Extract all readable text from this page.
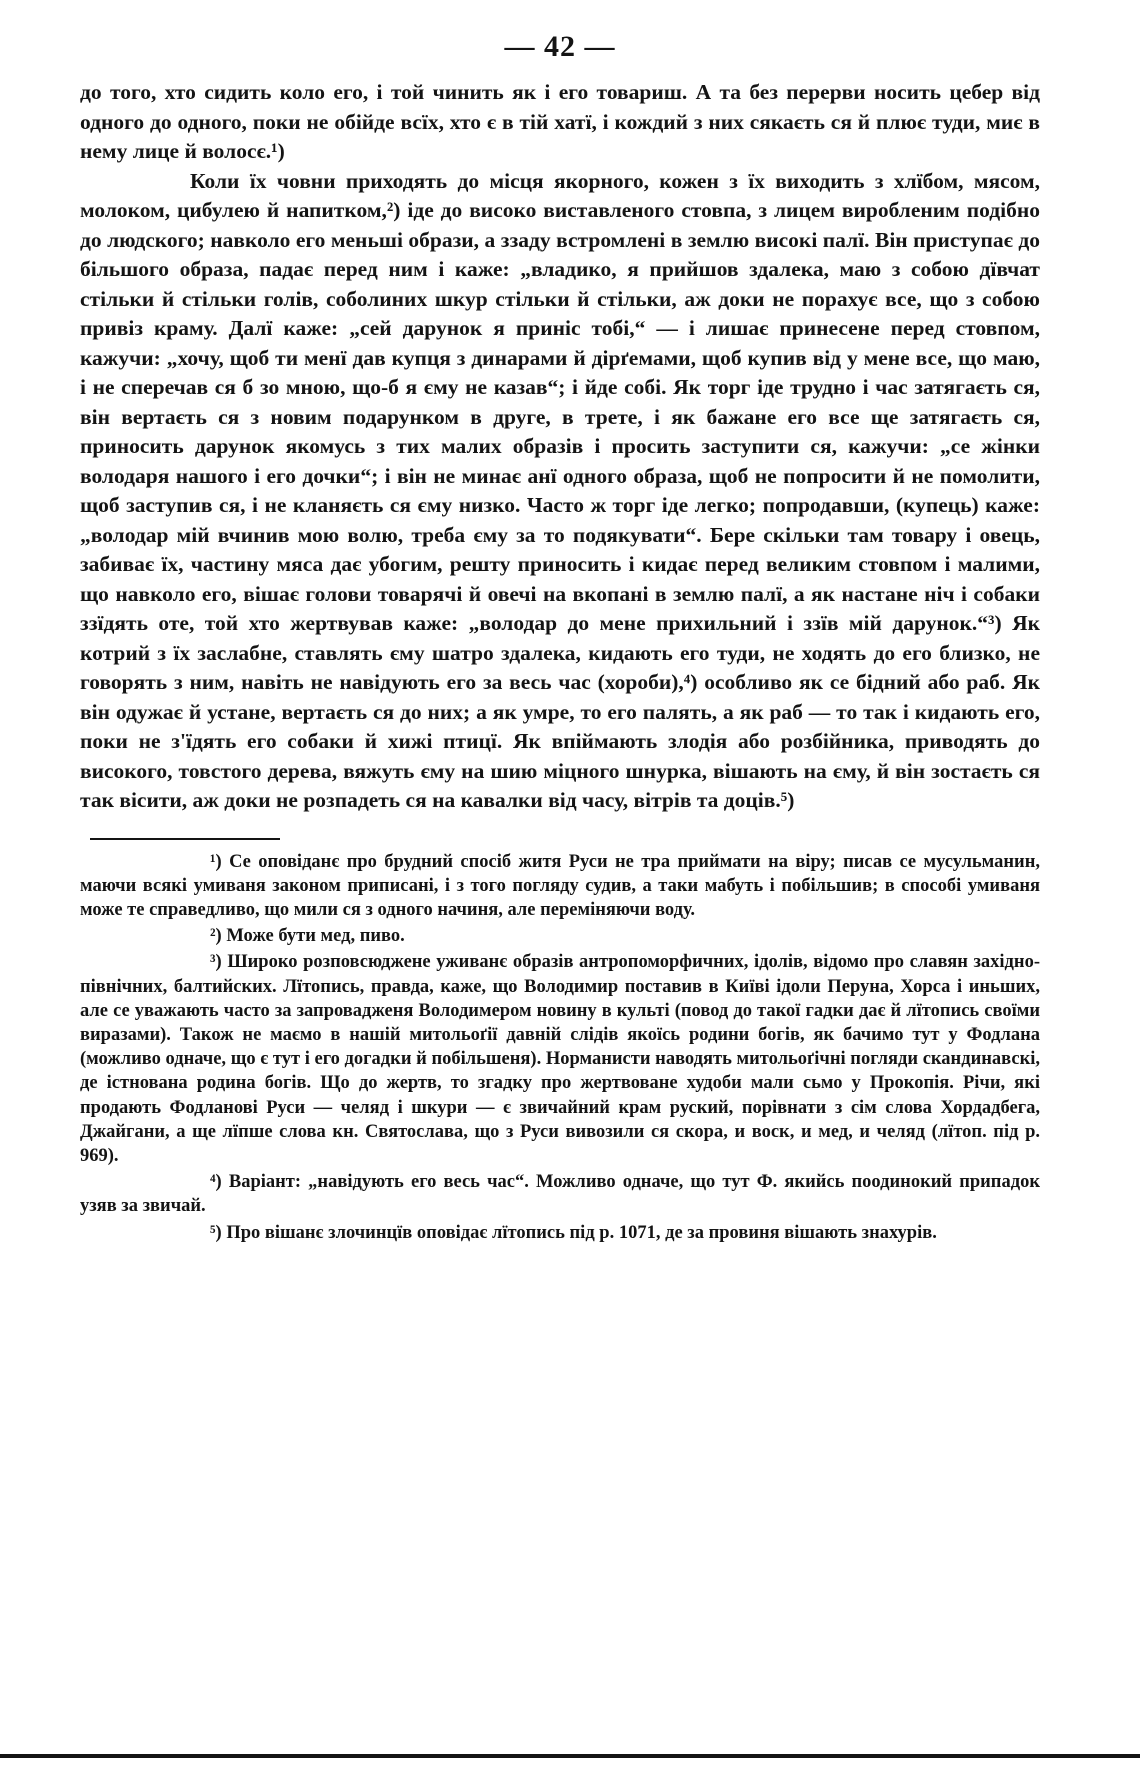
— 42 —

до того, хто сидить коло его, і той чинить як і его товариш. А та без перерви носить цебер від одного до одного, поки не обійде всїх, хто є в тій хатї, і кождий з них сякаєть ся й плює туди, миє в нему лице й волосє.¹)

Коли їх човни приходять до місця якорного, кожен з їх виходить з хлїбом, мясом, молоком, цибулею й напитком,²) іде до високо виставленого стовпа, з лицем виробленим подібно до людского; навколо его меньші образи, а ззаду встромлені в землю високі палї. Він приступає до більшого образа, падає перед ним і каже: „владико, я прийшов здалека, маю з собою дївчат стільки й стільки голів, соболиних шкур стільки й стільки, аж доки не порахує все, що з собою привіз краму. Далї каже: „сей дарунок я приніс тобі,“ — і лишає принесене перед стовпом, кажучи: „хочу, щоб ти менї дав купця з динарами й дірґемами, щоб купив від у мене все, що маю, і не сперечав ся б зо мною, що-б я єму не казав“; і йде собі. Як торг іде трудно і час затягаєть ся, він вертаєть ся з новим подарунком в друге, в трете, і як бажане его все ще затягаєть ся, приносить дарунок якомусь з тих малих образів і просить заступити ся, кажучи: „се жінки володаря нашого і его дочки“; і він не минає анї одного образа, щоб не попросити й не помолити, щоб заступив ся, і не кланяєть ся єму низко. Часто ж торг іде легко; попродавши, (купець) каже: „володар мій вчинив мою волю, треба єму за то подякувати“. Бере скільки там товару і овець, забиває їх, частину мяса дає убогим, решту приносить і кидає перед великим стовпом і малими, що навколо его, вішає голови товарячі й овечі на вкопані в землю палї, а як настане ніч і собаки ззїдять оте, той хто жертвував каже: „володар до мене прихильний і ззїв мій дарунок.“³) Як котрий з їх заслабне, ставлять єму шатро здалека, кидають его туди, не ходять до его близко, не говорять з ним, навіть не навідують его за весь час (хороби),⁴) особливо як се бідний або раб. Як він одужає й устане, вертаєть ся до них; а як умре, то его палять, а як раб — то так і кидають его, поки не з'їдять его собаки й хижі птицї. Як впіймають злодія або розбійника, приводять до високого, товстого дерева, вяжуть єму на шию міцного шнурка, вішають на єму, й він зостаєть ся так вісити, аж доки не розпадеть ся на кавалки від часу, вітрів та доців.⁵)

¹) Се оповіданє про брудний спосіб житя Руси не тра приймати на віру; писав се мусульманин, маючи всякі умиваня законом приписані, і з того погляду судив, а таки мабуть і побільшив; в способі умиваня може те справедливо, що мили ся з одного начиня, але переміняючи воду.

²) Може бути мед, пиво.

³) Широко розповсюджене уживанє образів антропоморфичних, ідолів, відомо про славян західно-північних, балтийских. Лїтопись, правда, каже, що Володимир поставив в Київі ідоли Перуна, Хорса і иньших, але се уважають часто за запровадженя Володимером новину в культі (повод до такої гадки дає й лїтопись своїми виразами). Також не маємо в нашій митольоґії давній слідів якоїсь родини богів, як бачимо тут у Фодлана (можливо одначе, що є тут і его догадки й побільшеня). Норманисти наводять митольоґічні погляди скандинавскі, де істнована родина богів. Що до жертв, то згадку про жертвоване худоби мали сьмо у Прокопія. Річи, які продають Фодланові Руси — челяд і шкури — є звичайний крам руский, порівнати з сім слова Хордадбега, Джайгани, а ще лїпше слова кн. Святослава, що з Руси вивозили ся скора, и воск, и мед, и челяд (лїтоп. під р. 969).

⁴) Варіант: „навідують его весь час“. Можливо одначе, що тут Ф. якийсь поодинокий припадок узяв за звичай.

⁵) Про вішанє злочинцїв оповідає лїтопись під р. 1071, де за провиня вішають знахурів.
